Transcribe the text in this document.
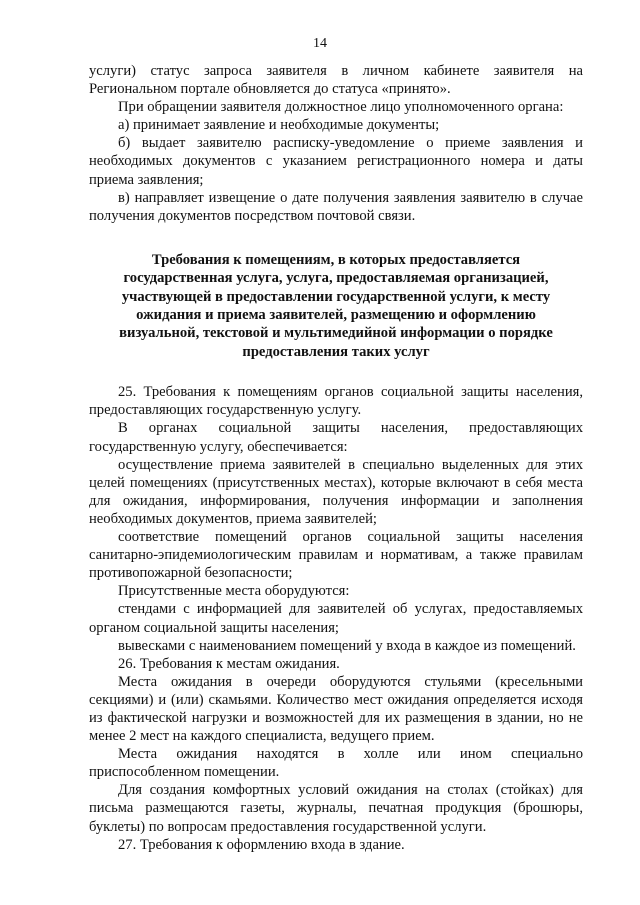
14

услуги) статус запроса заявителя в личном кабинете заявителя на Региональном портале обновляется до статуса «принято».

При обращении заявителя должностное лицо уполномоченного органа:

а) принимает заявление и необходимые документы;

б) выдает заявителю расписку-уведомление о приеме заявления и необходимых документов с указанием регистрационного номера и даты приема заявления;

в) направляет извещение о дате получения заявления заявителю в случае получения документов посредством почтовой связи.

Требования к помещениям, в которых предоставляется государственная услуга, услуга, предоставляемая организацией, участвующей в предоставлении государственной услуги, к месту ожидания и приема заявителей, размещению и оформлению визуальной, текстовой и мультимедийной информации о порядке предоставления таких услуг

25. Требования к помещениям органов социальной защиты населения, предоставляющих государственную услугу.

В органах социальной защиты населения, предоставляющих государственную услугу, обеспечивается:

осуществление приема заявителей в специально выделенных для этих целей помещениях (присутственных местах), которые включают в себя места для ожидания, информирования, получения информации и заполнения необходимых документов, приема заявителей;

соответствие помещений органов социальной защиты населения санитарно-эпидемиологическим правилам и нормативам, а также правилам противопожарной безопасности;

Присутственные места оборудуются:

стендами с информацией для заявителей об услугах, предоставляемых органом социальной защиты населения;

вывесками с наименованием помещений у входа в каждое из помещений.

26. Требования к местам ожидания.

Места ожидания в очереди оборудуются стульями (кресельными секциями) и (или) скамьями. Количество мест ожидания определяется исходя из фактической нагрузки и возможностей для их размещения в здании, но не менее 2 мест на каждого специалиста, ведущего прием.

Места ожидания находятся в холле или ином специально приспособленном помещении.

Для создания комфортных условий ожидания на столах (стойках) для письма размещаются газеты, журналы, печатная продукция (брошюры, буклеты) по вопросам предоставления государственной услуги.

27. Требования к оформлению входа в здание.
